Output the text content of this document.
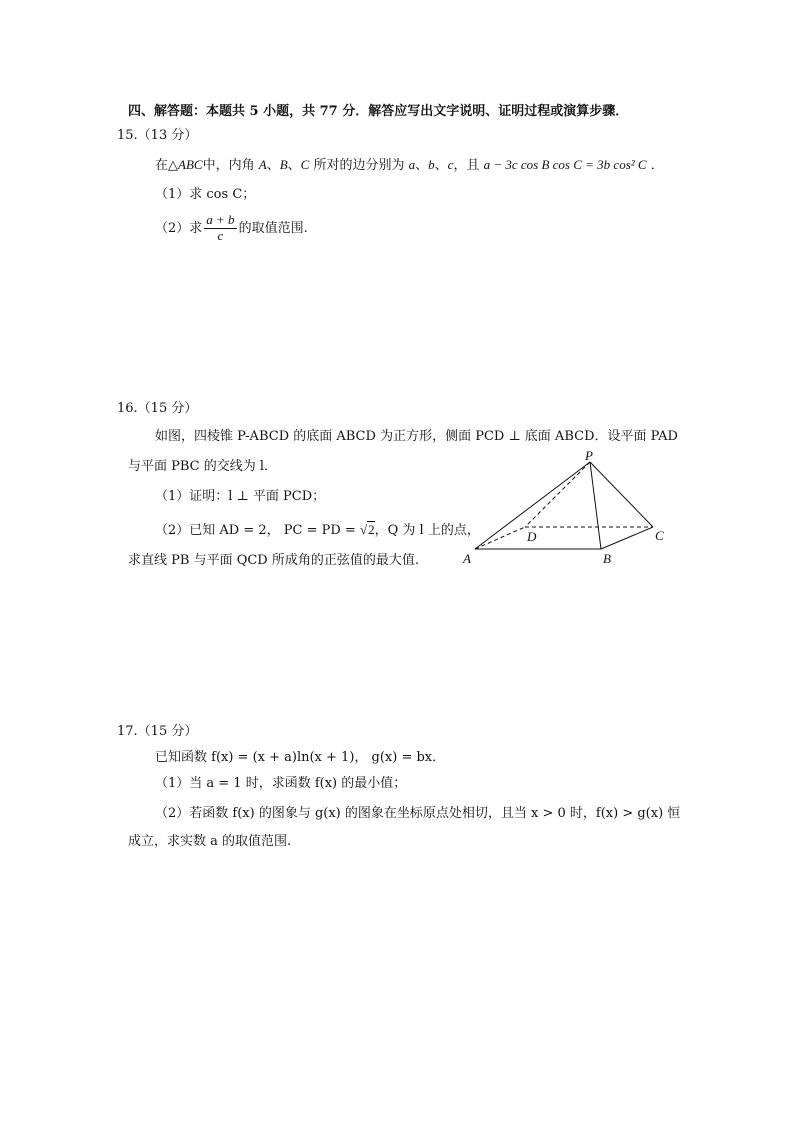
四、解答题：本题共 5 小题，共 77 分．解答应写出文字说明、证明过程或演算步骤．
15.（13 分）
在△ABC中，内角 A、B、C 所对的边分别为 a、b、c，且 a − 3c cos B cos C = 3b cos² C ．
（1）求 cos C；
（2）求 $\frac{a + b}{c}$ 的取值范围.
16.（15 分）
如图，四棱锥 P-ABCD 的底面 ABCD 为正方形，侧面 PCD ⊥ 底面 ABCD．设平面 PAD
与平面 PBC 的交线为 l．
（1）证明：l ⊥ 平面 PCD；
（2）已知 AD = 2， PC = PD = √2，Q 为 l 上的点，
求直线 PB 与平面 QCD 所成角的正弦值的最大值.
P
A	B
C
D
17.（15 分）
已知函数 f(x) = (x + a)ln(x + 1)， g(x) = bx．
（1）当 a = 1 时，求函数 f(x) 的最小值；
（2）若函数 f(x) 的图象与 g(x) 的图象在坐标原点处相切，且当 x > 0 时，f(x) > g(x) 恒
成立，求实数 a 的取值范围.
